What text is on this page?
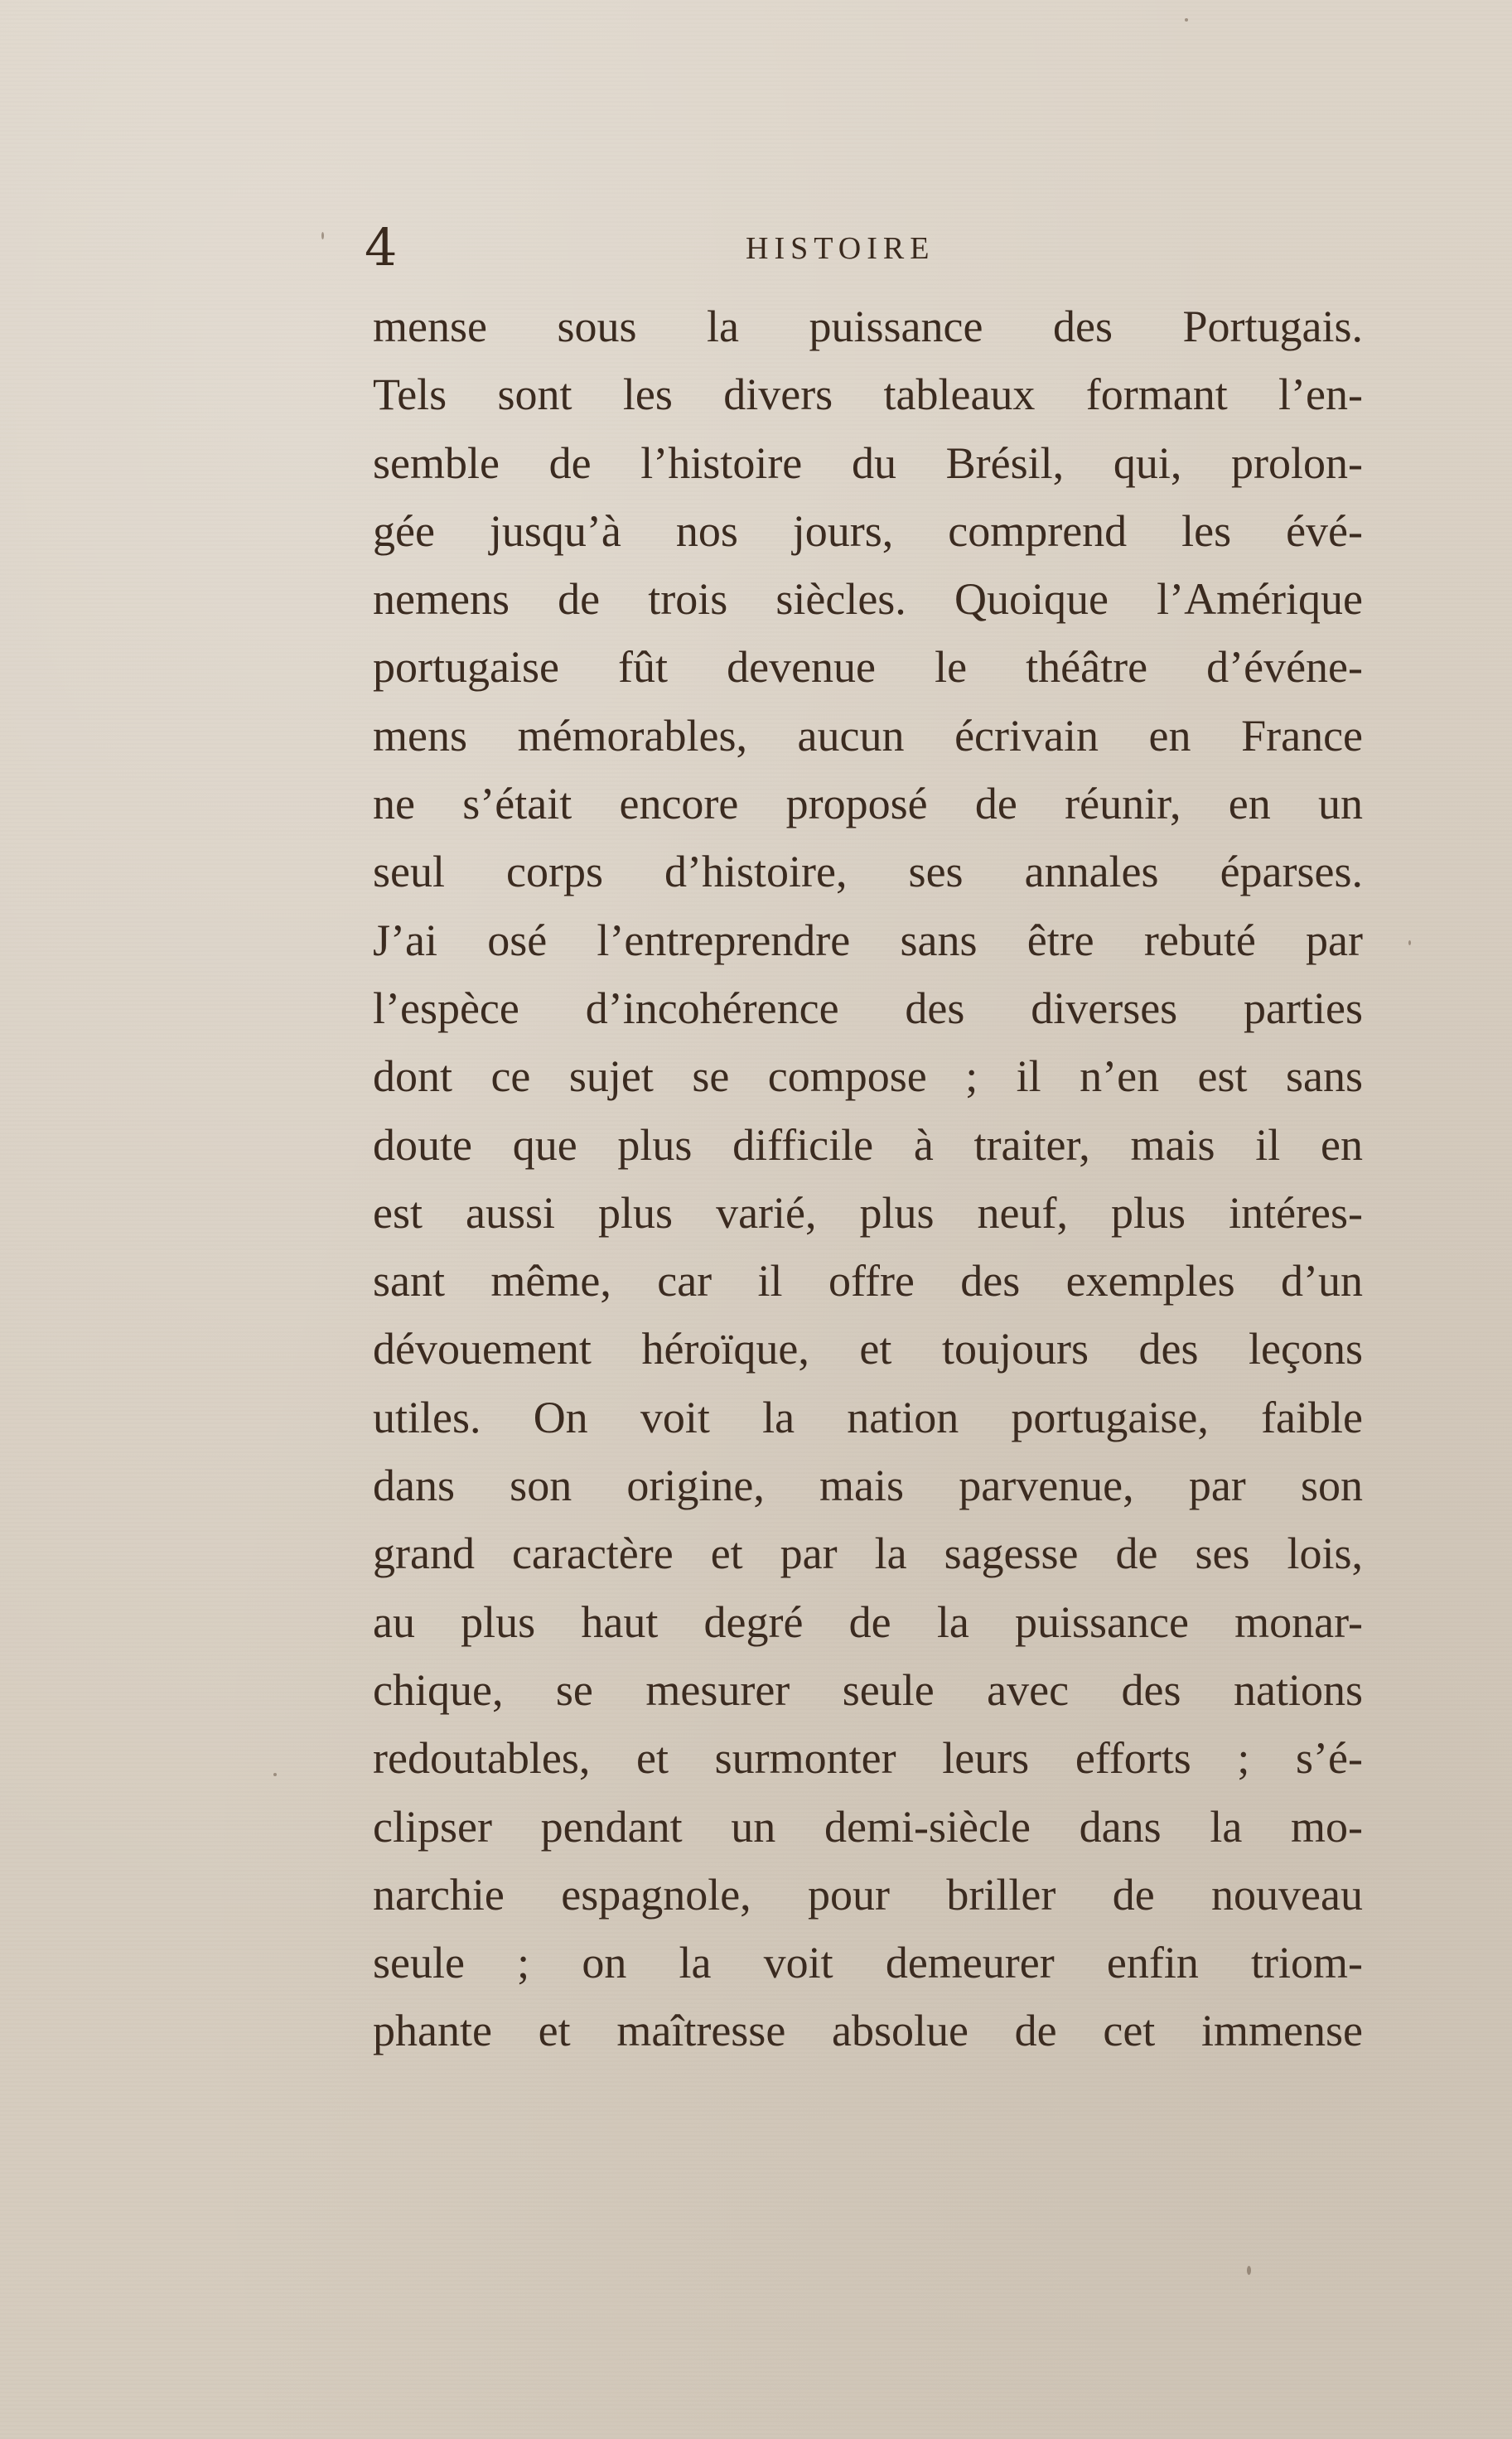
4	HISTOIRE
mense sous la puissance des Portugais.
Tels sont les divers tableaux formant l’en-
semble de l’histoire du Brésil, qui, prolon-
gée jusqu’à nos jours, comprend les évé-
nemens de trois siècles. Quoique l’Amérique
portugaise fût devenue le théâtre d’événe-
mens mémorables, aucun écrivain en France
ne s’était encore proposé de réunir, en un
seul corps d’histoire, ses annales éparses.
J’ai osé l’entreprendre sans être rebuté par
l’espèce d’incohérence des diverses parties
dont ce sujet se compose ; il n’en est sans
doute que plus difficile à traiter, mais il en
est aussi plus varié, plus neuf, plus intéres-
sant même, car il offre des exemples d’un
dévouement héroïque, et toujours des leçons
utiles. On voit la nation portugaise, faible
dans son origine, mais parvenue, par son
grand caractère et par la sagesse de ses lois,
au plus haut degré de la puissance monar-
chique, se mesurer seule avec des nations
redoutables, et surmonter leurs efforts ; s’é-
clipser pendant un demi-siècle dans la mo-
narchie espagnole, pour briller de nouveau
seule ; on la voit demeurer enfin triom-
phante et maîtresse absolue de cet immense
